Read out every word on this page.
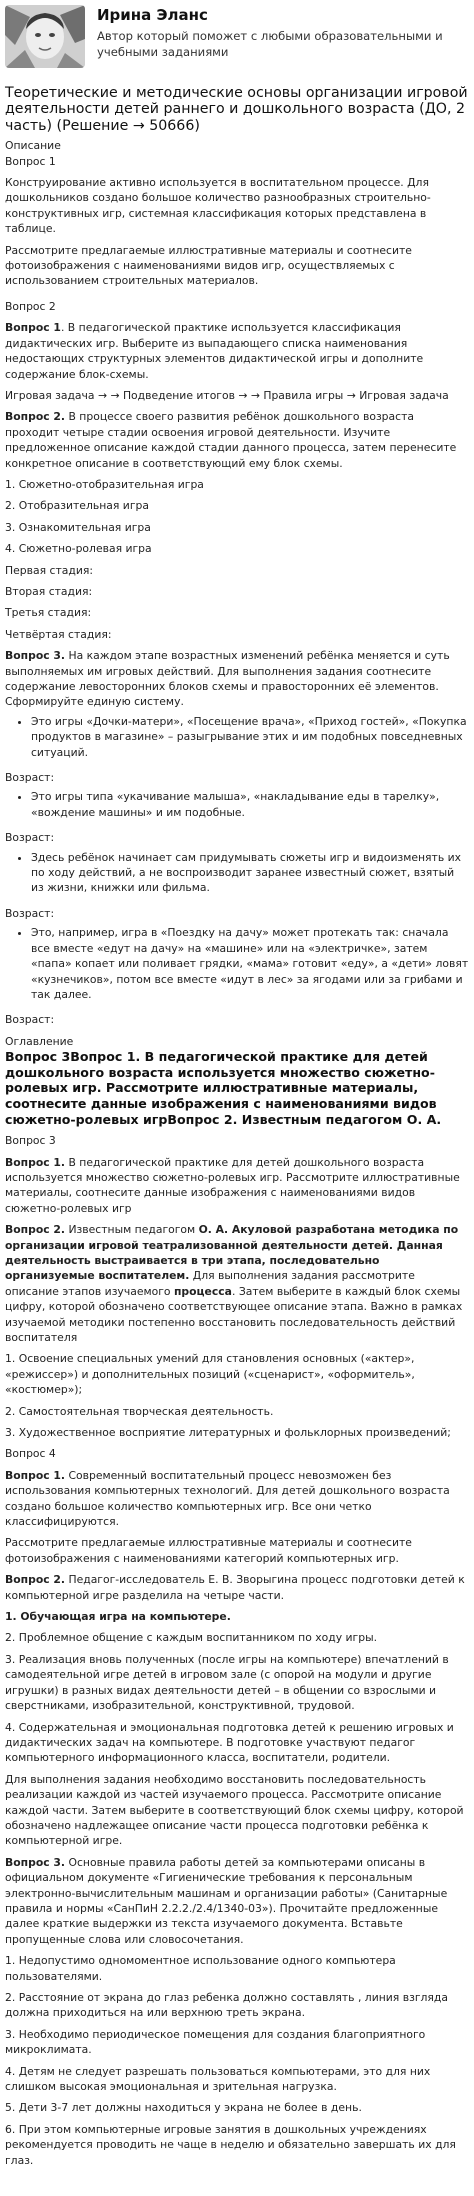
Ирина Эланс
Автор который поможет с любыми образовательными и учебными заданиями
Теоретические и методические основы организации игровой деятельности детей раннего и дошкольного возраста (ДО, 2 часть) (Решение → 50666)
Описание
Вопрос 1

Конструирование активно используется в воспитательном процессе. Для дошкольников создано большое количество разнообразных строительно-конструктивных игр, системная классификация которых представлена в таблице.

Рассмотрите предлагаемые иллюстративные материалы и соотнесите фотоизображения с наименованиями видов игр, осуществляемых с использованием строительных материалов.

Вопрос 2

Вопрос 1. В педагогической практике используется классификация дидактических игр. Выберите из выпадающего списка наименования недостающих структурных элементов дидактической игры и дополните содержание блок-схемы.

Игровая задача → → Подведение итогов → → Правила игры → Игровая задача

Вопрос 2. В процессе своего развития ребёнок дошкольного возраста проходит четыре стадии освоения игровой деятельности. Изучите предложенное описание каждой стадии данного процесса, затем перенесите конкретное описание в соответствующий ему блок схемы.

1. Сюжетно-отобразительная игра

2. Отобразительная игра

3. Ознакомительная игра

4. Сюжетно-ролевая игра

Первая стадия:

Вторая стадия:

Третья стадия:

Четвёртая стадия:

Вопрос 3. На каждом этапе возрастных изменений ребёнка меняется и суть выполняемых им игровых действий. Для выполнения задания соотнесите содержание левосторонних блоков схемы и правосторонних её элементов. Сформируйте единую систему.

• Это игры «Дочки-матери», «Посещение врача», «Приход гостей», «Покупка продуктов в магазине» – разыгрывание этих и им подобных повседневных ситуаций.

Возраст:

• Это игры типа «укачивание малыша», «накладывание еды в тарелку», «вождение машины» и им подобные.

Возраст:

• Здесь ребёнок начинает сам придумывать сюжеты игр и видоизменять их по ходу действий, а не воспроизводит заранее известный сюжет, взятый из жизни, книжки или фильма.

Возраст:

• Это, например, игра в «Поездку на дачу» может протекать так: сначала все вместе «едут на дачу» на «машине» или на «электричке», затем «папа» копает или поливает грядки, «мама» готовит «еду», а «дети» ловят «кузнечиков», потом все вместе «идут в лес» за ягодами или за грибами и так далее.

Возраст:

Оглавление

Вопрос 3Вопрос 1. В педагогической практике для детей дошкольного возраста используется множество сюжетно-ролевых игр. Рассмотрите иллюстративные материалы, соотнесите данные изображения с наименованиями видов сюжетно-ролевых игрВопрос 2. Известным педагогом О. А.

Вопрос 3

Вопрос 1. В педагогической практике для детей дошкольного возраста используется множество сюжетно-ролевых игр. Рассмотрите иллюстративные материалы, соотнесите данные изображения с наименованиями видов сюжетно-ролевых игр

Вопрос 2. Известным педагогом О. А. Акуловой разработана методика по организации игровой театрализованной деятельности детей. Данная деятельность выстраивается в три этапа, последовательно организуемые воспитателем. Для выполнения задания рассмотрите описание этапов изучаемого процесса. Затем выберите в каждый блок схемы цифру, которой обозначено соответствующее описание этапа. Важно в рамках изучаемой методики постепенно восстановить последовательность действий воспитателя

1. Освоение специальных умений для становления основных («актер», «режиссер») и дополнительных позиций («сценарист», «оформитель», «костюмер»);

2. Самостоятельная творческая деятельность.

3. Художественное восприятие литературных и фольклорных произведений;

Вопрос 4

Вопрос 1. Современный воспитательный процесс невозможен без использования компьютерных технологий. Для детей дошкольного возраста создано большое количество компьютерных игр. Все они четко классифицируются.

Рассмотрите предлагаемые иллюстративные материалы и соотнесите фотоизображения с наименованиями категорий компьютерных игр.

Вопрос 2. Педагог-исследователь Е. В. Зворыгина процесс подготовки детей к компьютерной игре разделила на четыре части.

1. Обучающая игра на компьютере.

2. Проблемное общение с каждым воспитанником по ходу игры.

3. Реализация вновь полученных (после игры на компьютере) впечатлений в самодеятельной игре детей в игровом зале (с опорой на модули и другие игрушки) в разных видах деятельности детей – в общении со взрослыми и сверстниками, изобразительной, конструктивной, трудовой.

4. Содержательная и эмоциональная подготовка детей к решению игровых и дидактических задач на компьютере. В подготовке участвуют педагог компьютерного информационного класса, воспитатели, родители.

Для выполнения задания необходимо восстановить последовательность реализации каждой из частей изучаемого процесса. Рассмотрите описание каждой части. Затем выберите в соответствующий блок схемы цифру, которой обозначено надлежащее описание части процесса подготовки ребёнка к компьютерной игре.

Вопрос 3. Основные правила работы детей за компьютерами описаны в официальном документе «Гигиенические требования к персональным электронно-вычислительным машинам и организации работы» (Санитарные правила и нормы «СанПиН 2.2.2./2.4/1340-03»). Прочитайте предложенные далее краткие выдержки из текста изучаемого документа. Вставьте пропущенные слова или словосочетания.

1. Недопустимо одномоментное использование одного компьютера пользователями.

2. Расстояние от экрана до глаз ребенка должно составлять , линия взгляда должна приходиться на или верхнюю треть экрана.

3. Необходимо периодическое помещения для создания благоприятного микроклимата.

4. Детям не следует разрешать пользоваться компьютерами, это для них слишком высокая эмоциональная и зрительная нагрузка.

5. Дети 3-7 лет должны находиться у экрана не более в день.

6. При этом компьютерные игровые занятия в дошкольных учреждениях рекомендуется проводить не чаще в неделю и обязательно завершать их для глаз.
